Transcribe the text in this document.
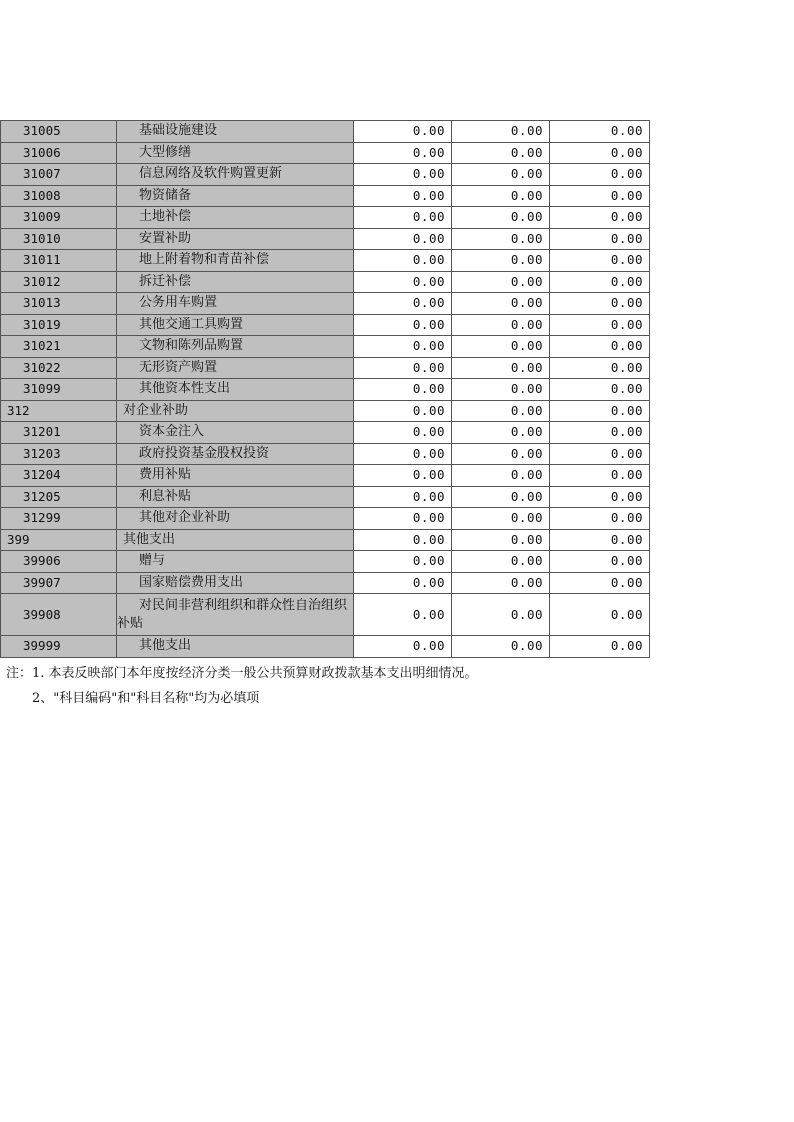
31005	基础设施建设	0.00	0.00	0.00
31006	大型修缮	0.00	0.00	0.00
31007	信息网络及软件购置更新	0.00	0.00	0.00
31008	物资储备	0.00	0.00	0.00
31009	土地补偿	0.00	0.00	0.00
31010	安置补助	0.00	0.00	0.00
31011	地上附着物和青苗补偿	0.00	0.00	0.00
31012	拆迁补偿	0.00	0.00	0.00
31013	公务用车购置	0.00	0.00	0.00
31019	其他交通工具购置	0.00	0.00	0.00
31021	文物和陈列品购置	0.00	0.00	0.00
31022	无形资产购置	0.00	0.00	0.00
31099	其他资本性支出	0.00	0.00	0.00
312	对企业补助	0.00	0.00	0.00
31201	资本金注入	0.00	0.00	0.00
31203	政府投资基金股权投资	0.00	0.00	0.00
31204	费用补贴	0.00	0.00	0.00
31205	利息补贴	0.00	0.00	0.00
31299	其他对企业补助	0.00	0.00	0.00
399	其他支出	0.00	0.00	0.00
39906	赠与	0.00	0.00	0.00
39907	国家赔偿费用支出	0.00	0.00	0.00
39908	对民间非营利组织和群众性自治组织补贴	0.00	0.00	0.00
39999	其他支出	0.00	0.00	0.00
注：1. 本表反映部门本年度按经济分类一般公共预算财政拨款基本支出明细情况。
2、"科目编码"和"科目名称"均为必填项
